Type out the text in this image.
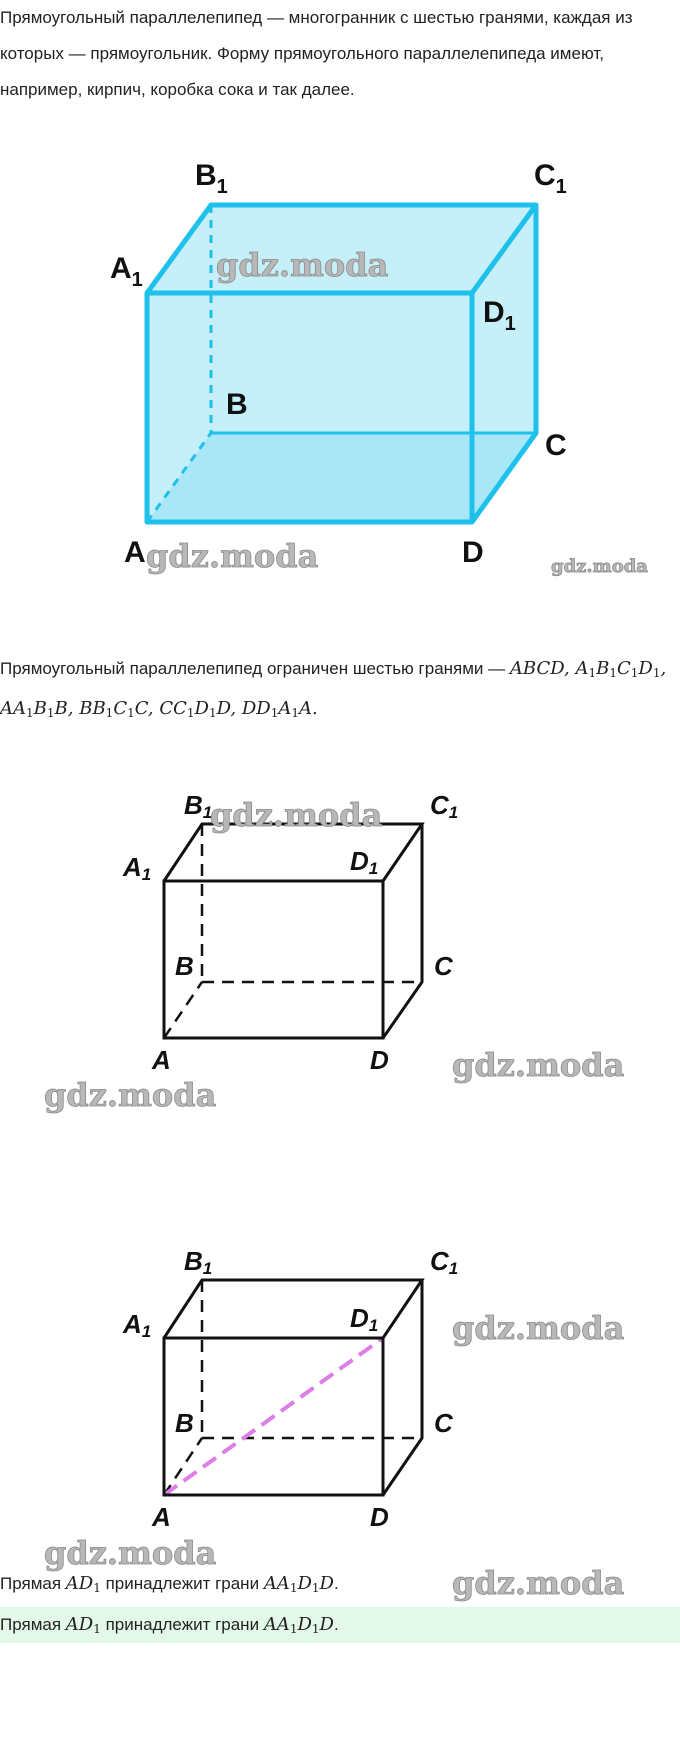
Прямоугольный параллелепипед — многогранник с шестью гранями, каждая из которых — прямоугольник. Форму прямоугольного параллелепипеда имеют, например, кирпич, коробка сока и так далее.

$B_1$	$C_1$
$A_1$
$D_1$
B
C
A	D
gdz.moda
gdz.moda	gdz.moda

Прямоугольный параллелепипед ограничен шестью гранями — ABCD, $A_1B_1C_1D_1$, $AA_1B_1B$, $BB_1C_1C$, $CC_1D_1D$, $DD_1A_1A$.

B1	C1
A1	D1
B	C
A	D
gdz.moda
gdz.moda
gdz.moda
B1	C1
A1	D1
B	C
A	D
gdz.moda
gdz.moda
gdz.moda

Прямая $AD_1$ принадлежит грани $AA_1D_1D$.

Прямая $AD_1$ принадлежит грани $AA_1D_1D$.
